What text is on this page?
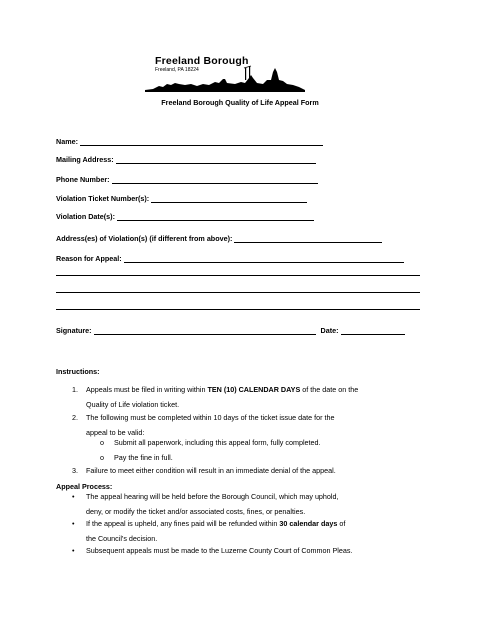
Freeland Borough
Freeland, PA 18224
Freeland Borough Quality of Life Appeal Form
Name:
Mailing Address:
Phone Number:
Violation Ticket Number(s):
Violation Date(s):
Address(es) of Violation(s) (if different from above):
Reason for Appeal:
Signature:	Date:
Instructions:
1. Appeals must be filed in writing within TEN (10) CALENDAR DAYS of the date on the
Quality of Life violation ticket.
2. The following must be completed within 10 days of the ticket issue date for the
appeal to be valid:
o Submit all paperwork, including this appeal form, fully completed.
o Pay the fine in full.
3. Failure to meet either condition will result in an immediate denial of the appeal.
Appeal Process:
• The appeal hearing will be held before the Borough Council, which may uphold,
deny, or modify the ticket and/or associated costs, fines, or penalties.
• If the appeal is upheld, any fines paid will be refunded within 30 calendar days of
the Council's decision.
• Subsequent appeals must be made to the Luzerne County Court of Common Pleas.
